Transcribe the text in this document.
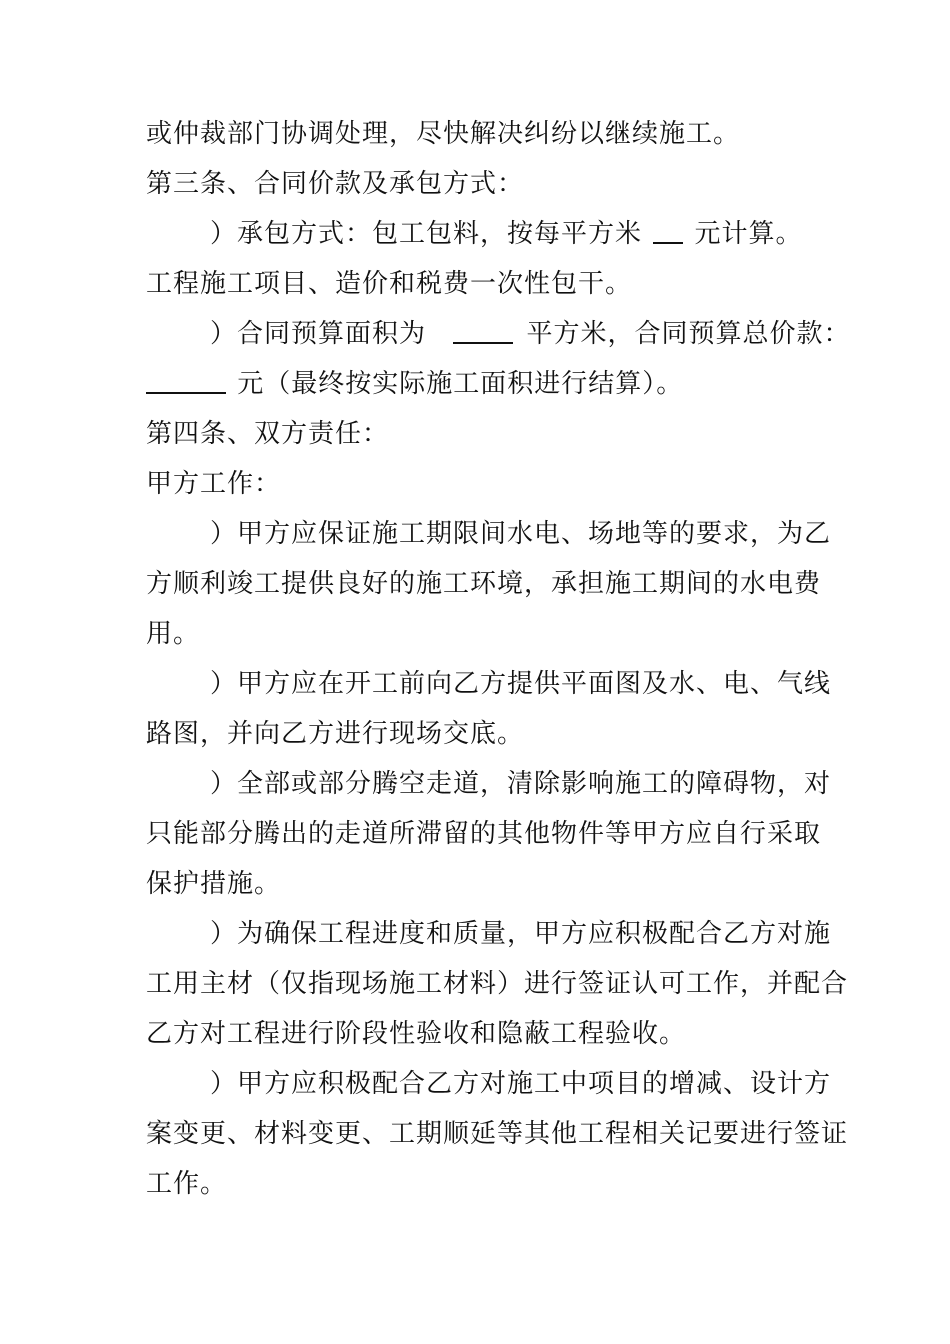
或仲裁部门协调处理，尽快解决纠纷以继续施工。
第三条、合同价款及承包方式：
）承包方式：包工包料，按每平方米 元计算。
工程施工项目、造价和税费一次性包干。
）合同预算面积为	平方米，合同预算总价款：
元（最终按实际施工面积进行结算）。
第四条、双方责任：
甲方工作：
）甲方应保证施工期限间水电、场地等的要求，为乙
方顺利竣工提供良好的施工环境，承担施工期间的水电费
用。
）甲方应在开工前向乙方提供平面图及水、电、气线
路图，并向乙方进行现场交底。
）全部或部分腾空走道，清除影响施工的障碍物，对
只能部分腾出的走道所滞留的其他物件等甲方应自行采取
保护措施。
）为确保工程进度和质量，甲方应积极配合乙方对施
工用主材（仅指现场施工材料）进行签证认可工作，并配合
乙方对工程进行阶段性验收和隐蔽工程验收。
）甲方应积极配合乙方对施工中项目的增减、设计方
案变更、材料变更、工期顺延等其他工程相关记要进行签证
工作。
